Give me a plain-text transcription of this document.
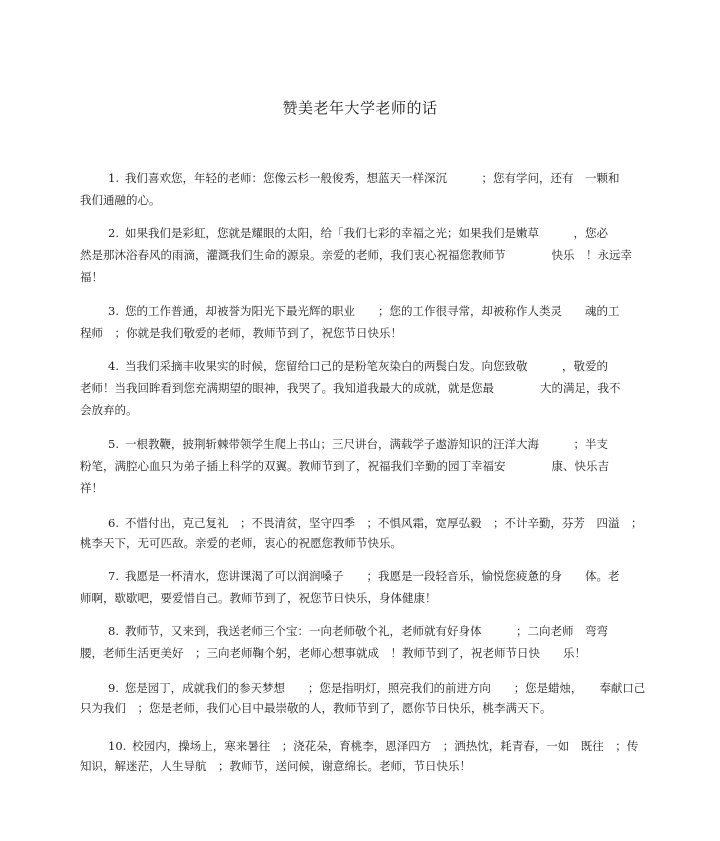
赞美老年大学老师的话
1. 我们喜欢您，年轻的老师：您像云杉一般俊秀，想蓝天一样深沉　　　；您有学问，还有　一颗和
我们通融的心。
2. 如果我们是彩虹，您就是耀眼的太阳，给「我们七彩的幸福之光；如果我们是嫩草　　　，您必
然是那沐浴春风的雨滴，灌溉我们生命的源泉。亲爱的老师，我们衷心祝福您教师节　　　　快乐　！永远幸
福！
3. 您的工作普通，却被誉为阳光下最光辉的职业　　；您的工作很寻常，却被称作人类灵　　魂的工
程师　；你就是我们敬爱的老师，教师节到了，祝您节日快乐！
4. 当我们采摘丰收果实的时候，您留给口己的是粉笔灰染白的两鬓白发。向您致敬　　　，敬爱的
老师！当我回眸看到您充满期望的眼神，我哭了。我知道我最大的成就，就是您最　　　　大的满足，我不
会放弃的。
5. 一根教鞭，披荆斩棘带领学生爬上书山；三尺讲台，满载学子遨游知识的汪洋大海　　　；半支
粉笔，满腔心血只为弟子插上科学的双翼。教师节到了，祝福我们辛勤的园丁幸福安　　　　康、快乐吉
祥！
6. 不惜付出，克己复礼　；不畏清贫，坚守四季　；不惧风霜，宽厚弘毅　；不计辛勤，芬芳　四溢　；
桃李天下，无可匹敌。亲爱的老师，衷心的祝愿您教师节快乐。
7. 我愿是一杯清水，您讲课渴了可以润润嗓子　　；我愿是一段轻音乐，愉悦您疲惫的身　　体。老
师啊，歇歇吧，要爱惜自己。教师节到了，祝您节日快乐，身体健康！
8. 教师节，又来到，我送老师三个宝：一向老师敬个礼，老师就有好身体　　　；二向老师　弯弯
腰，老师生活更美好　；三向老师鞠个躬，老师心想事就成　！教师节到了，祝老师节日快　　乐！
9. 您是园丁，成就我们的参天梦想　　；您是指明灯，照亮我们的前进方向　　；您是蜡烛，　　奉献口己
只为我们　；您是老师，我们心目中最崇敬的人，教师节到了，愿你节日快乐，桃李满天下。
10. 校园内，操场上，寒来暑往　；浇花朵，育桃李，恩泽四方　；洒热忱，耗青春，一如　既往　；传
知识，解迷茫，人生导航　；教师节，送问候，谢意绵长。老师，节日快乐！
